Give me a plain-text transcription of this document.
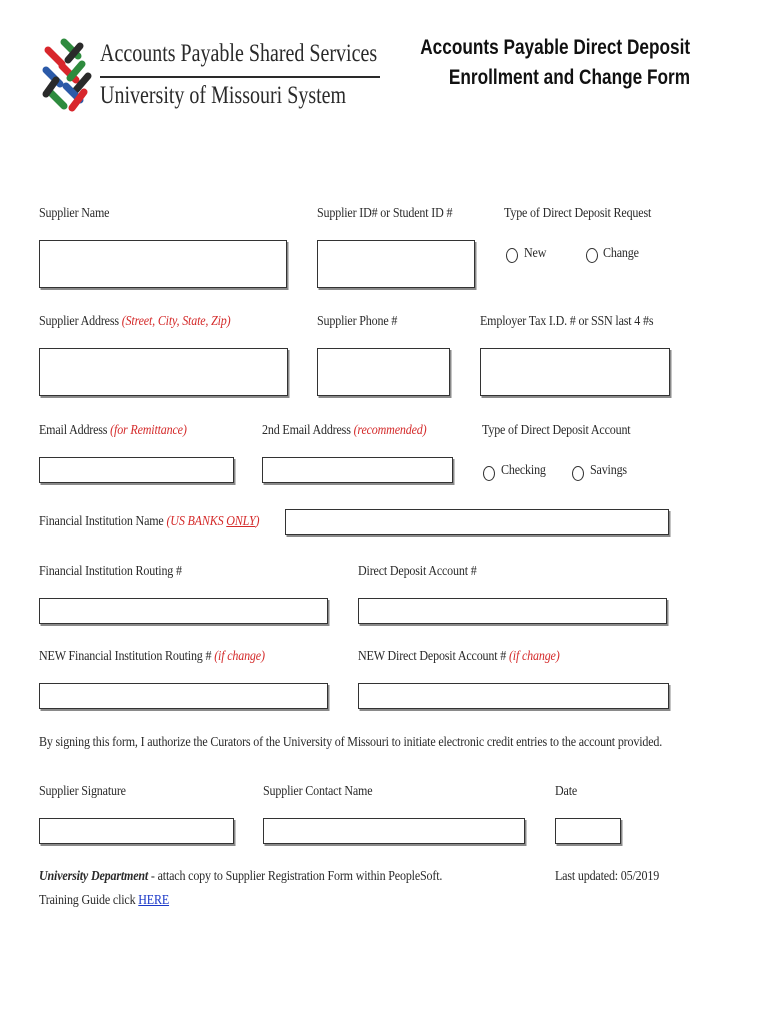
Accounts Payable Shared Services
University of Missouri System
Accounts Payable Direct Deposit
Enrollment and Change Form
Supplier Name	Supplier ID# or Student ID #	Type of Direct Deposit Request
New	Change
Supplier Address (Street, City, State, Zip)	Supplier Phone #	Employer Tax I.D. # or SSN last 4 #s
Email Address (for Remittance)	2nd Email Address (recommended)	Type of Direct Deposit Account
Checking	Savings
Financial Institution Name (US BANKS ONLY)
Financial Institution Routing #	Direct Deposit Account #
NEW Financial Institution Routing # (if change)	NEW Direct Deposit Account # (if change)
By signing this form, I authorize the Curators of the University of Missouri to initiate electronic credit entries to the account provided.
Supplier Signature	Supplier Contact Name	Date
University Department - attach copy to Supplier Registration Form within PeopleSoft.
Training Guide click HERE
Last updated: 05/2019
